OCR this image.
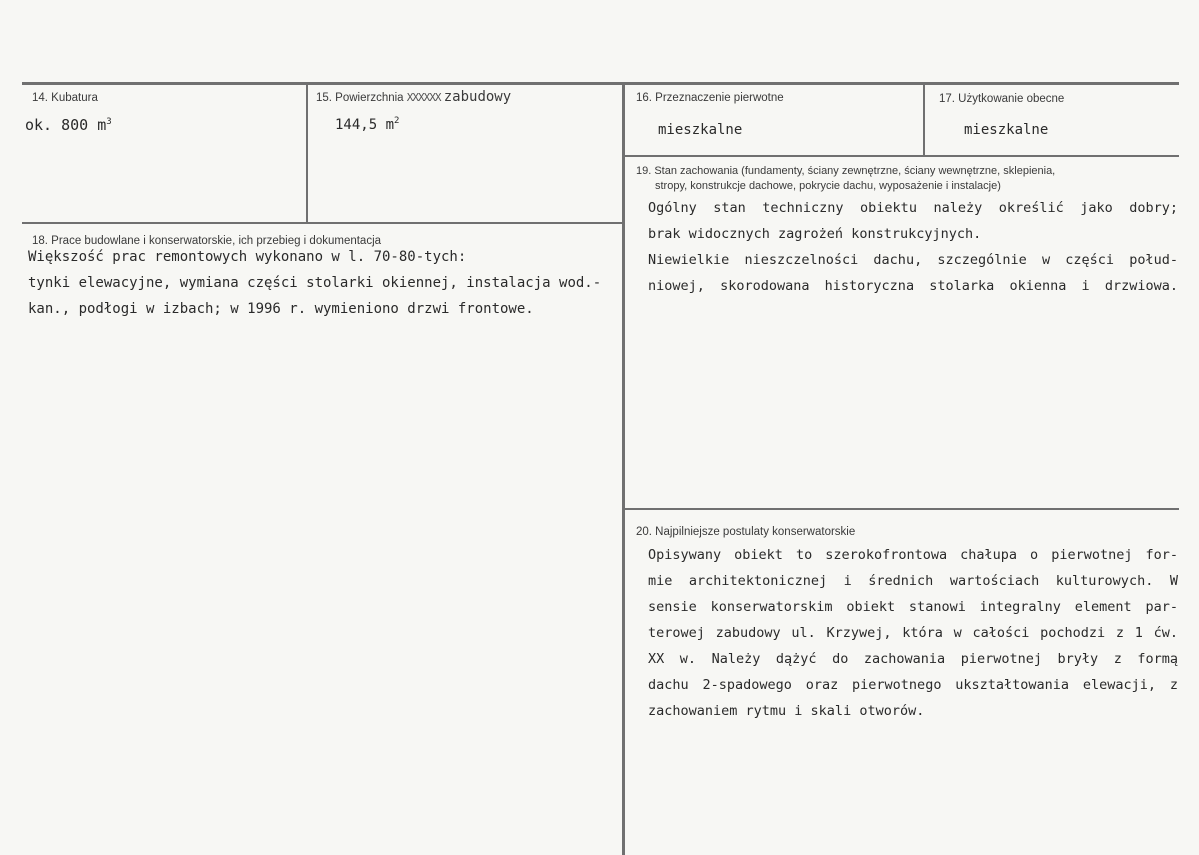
14. Kubatura
ok. 800 $m^3$
15. Powierzchnia XXXXXX zabudowy
144,5 $m^2$
16. Przeznaczenie pierwotne
mieszkalne
17. Użytkowanie obecne
mieszkalne
18. Prace budowlane i konserwatorskie, ich przebieg i dokumentacja
Większość prac remontowych wykonano w l. 70-80-tych:
tynki elewacyjne, wymiana części stolarki okiennej, instalacja wod.-
kan., podłogi w izbach; w 1996 r. wymieniono drzwi frontowe.
19. Stan zachowania (fundamenty, ściany zewnętrzne, ściany wewnętrzne, sklepienia,
stropy, konstrukcje dachowe, pokrycie dachu, wyposażenie i instalacje)
Ogólny stan techniczny obiektu należy określić jako dobry;
brak widocznych zagrożeń konstrukcyjnych.
Niewielkie nieszczelności dachu, szczególnie w części połud-
niowej, skorodowana historyczna stolarka okienna i drzwiowa.
20. Najpilniejsze postulaty konserwatorskie
Opisywany obiekt to szerokofrontowa chałupa o pierwotnej for-
mie architektonicznej i średnich wartościach kulturowych. W
sensie konserwatorskim obiekt stanowi integralny element par-
terowej zabudowy ul. Krzywej, która w całości pochodzi z 1 ćw.
XX w. Należy dążyć do zachowania pierwotnej bryły z formą
dachu 2-spadowego oraz pierwotnego ukształtowania elewacji, z
zachowaniem rytmu i skali otworów.
